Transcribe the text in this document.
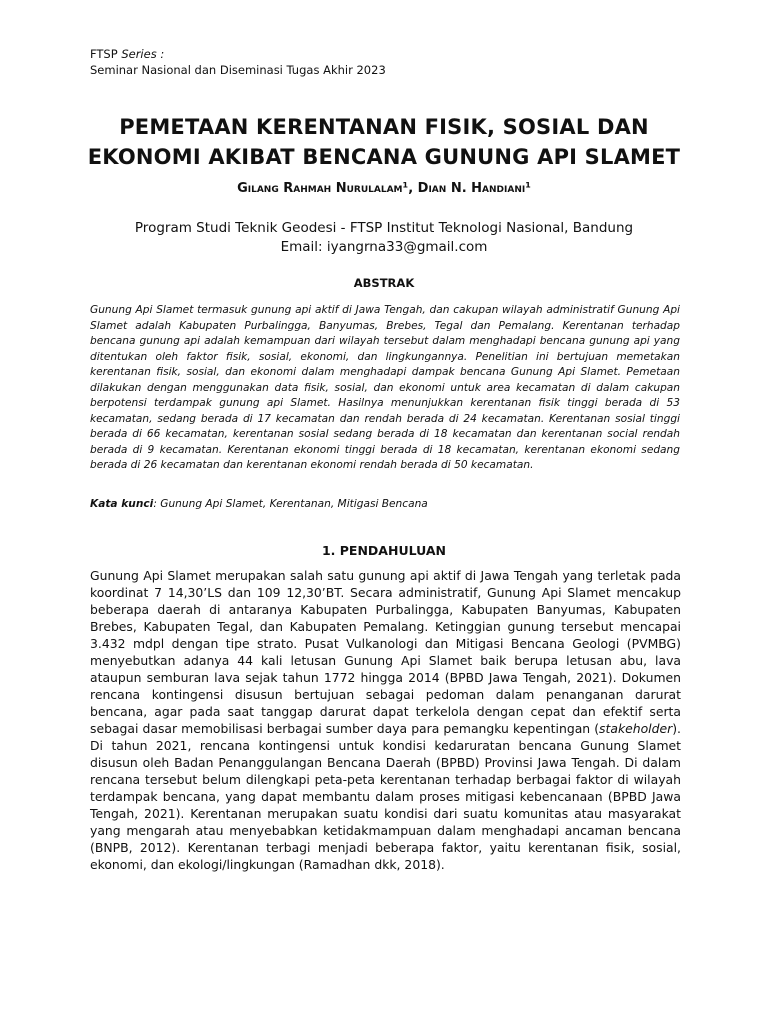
FTSP Series :
Seminar Nasional dan Diseminasi Tugas Akhir 2023
PEMETAAN KERENTANAN FISIK, SOSIAL DAN
EKONOMI AKIBAT BENCANA GUNUNG API SLAMET
Gilang Rahmah Nurulalam¹, Dian N. Handiani¹
Program Studi Teknik Geodesi - FTSP Institut Teknologi Nasional, Bandung
Email: iyangrna33@gmail.com
ABSTRAK
Gunung Api Slamet termasuk gunung api aktif di Jawa Tengah, dan cakupan wilayah administratif Gunung Api Slamet adalah Kabupaten Purbalingga, Banyumas, Brebes, Tegal dan Pemalang. Kerentanan terhadap bencana gunung api adalah kemampuan dari wilayah tersebut dalam menghadapi bencana gunung api yang ditentukan oleh faktor fisik, sosial, ekonomi, dan lingkungannya. Penelitian ini bertujuan memetakan kerentanan fisik, sosial, dan ekonomi dalam menghadapi dampak bencana Gunung Api Slamet. Pemetaan dilakukan dengan menggunakan data fisik, sosial, dan ekonomi untuk area kecamatan di dalam cakupan berpotensi terdampak gunung api Slamet. Hasilnya menunjukkan kerentanan fisik tinggi berada di 53 kecamatan, sedang berada di 17 kecamatan dan rendah berada di 24 kecamatan. Kerentanan sosial tinggi berada di 66 kecamatan, kerentanan sosial sedang berada di 18 kecamatan dan kerentanan social rendah berada di 9 kecamatan. Kerentanan ekonomi tinggi berada di 18 kecamatan, kerentanan ekonomi sedang berada di 26 kecamatan dan kerentanan ekonomi rendah berada di 50 kecamatan.
Kata kunci: Gunung Api Slamet, Kerentanan, Mitigasi Bencana
1. PENDAHULUAN
Gunung Api Slamet merupakan salah satu gunung api aktif di Jawa Tengah yang terletak pada koordinat 7 14,30’LS dan 109 12,30’BT. Secara administratif, Gunung Api Slamet mencakup beberapa daerah di antaranya Kabupaten Purbalingga, Kabupaten Banyumas, Kabupaten Brebes, Kabupaten Tegal, dan Kabupaten Pemalang. Ketinggian gunung tersebut mencapai 3.432 mdpl dengan tipe strato. Pusat Vulkanologi dan Mitigasi Bencana Geologi (PVMBG) menyebutkan adanya 44 kali letusan Gunung Api Slamet baik berupa letusan abu, lava ataupun semburan lava sejak tahun 1772 hingga 2014 (BPBD Jawa Tengah, 2021). Dokumen rencana kontingensi disusun bertujuan sebagai pedoman dalam penanganan darurat bencana, agar pada saat tanggap darurat dapat terkelola dengan cepat dan efektif serta sebagai dasar memobilisasi berbagai sumber daya para pemangku kepentingan (stakeholder). Di tahun 2021, rencana kontingensi untuk kondisi kedaruratan bencana Gunung Slamet disusun oleh Badan Penanggulangan Bencana Daerah (BPBD) Provinsi Jawa Tengah. Di dalam rencana tersebut belum dilengkapi peta-peta kerentanan terhadap berbagai faktor di wilayah terdampak bencana, yang dapat membantu dalam proses mitigasi kebencanaan (BPBD Jawa Tengah, 2021). Kerentanan merupakan suatu kondisi dari suatu komunitas atau masyarakat yang mengarah atau menyebabkan ketidakmampuan dalam menghadapi ancaman bencana (BNPB, 2012). Kerentanan terbagi menjadi beberapa faktor, yaitu kerentanan fisik, sosial, ekonomi, dan ekologi/lingkungan (Ramadhan dkk, 2018).
